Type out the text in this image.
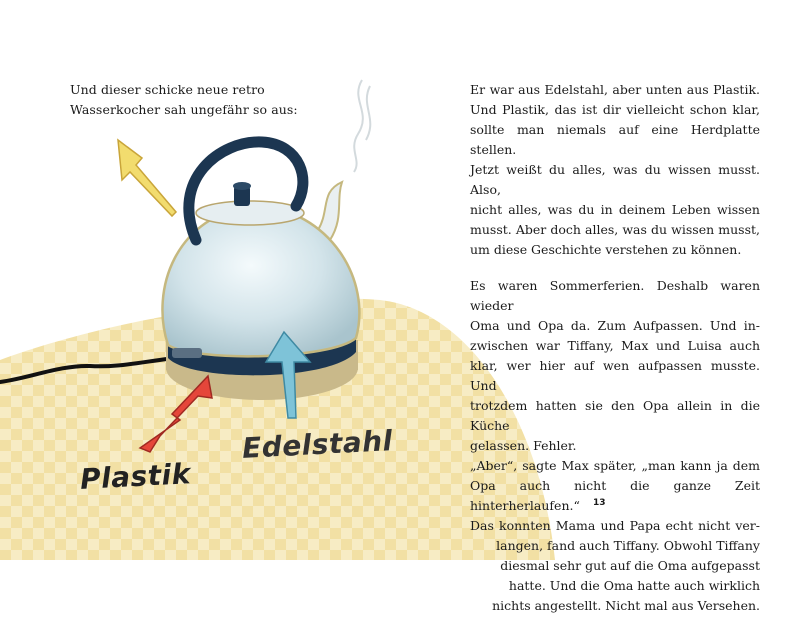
Plastik
Edelstahl
Und dieser schicke neue retro
Wasserkocher sah ungefähr so aus:
Er war aus Edelstahl, aber unten aus Plastik.
Und Plastik, das ist dir vielleicht schon klar,
sollte man niemals auf eine Herdplatte stellen.
Jetzt weißt du alles, was du wissen musst. Also,
nicht alles, was du in deinem Leben wissen
musst. Aber doch alles, was du wissen musst,
um diese Geschichte verstehen zu können.
Es waren Sommerferien. Deshalb waren wieder
Oma und Opa da. Zum Aufpassen. Und in-
zwischen war Tiffany, Max und Luisa auch
klar, wer hier auf wen aufpassen musste. Und
trotzdem hatten sie den Opa allein in die Küche
gelassen. Fehler.
„Aber“, sagte Max später, „man kann ja dem
Opa auch nicht die ganze Zeit hinterherlaufen.“
Das konnten Mama und Papa echt nicht ver-
langen, fand auch Tiffany. Obwohl Tiffany
diesmal sehr gut auf die Oma aufgepasst
hatte. Und die Oma hatte auch wirklich
nichts angestellt. Nicht mal aus Versehen.
13
